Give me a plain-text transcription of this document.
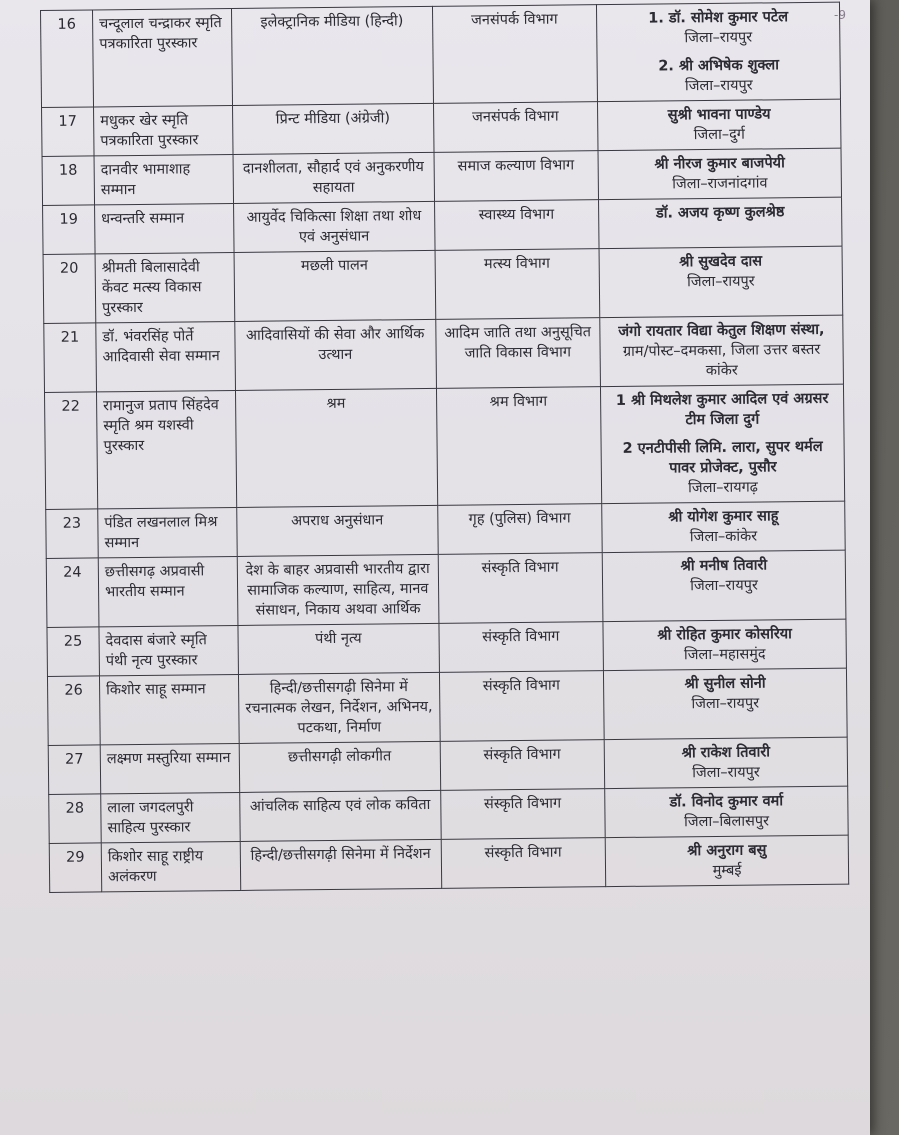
-9
16	चन्दूलाल चन्द्राकर स्मृति पत्रकारिता पुरस्कार	इलेक्ट्रानिक मीडिया (हिन्दी)	जनसंपर्क विभाग	1. डॉ. सोमेश कुमार पटेल
जिला–रायपुर
2. श्री अभिषेक शुक्ला
जिला–रायपुर

17	मधुकर खेर स्मृति पत्रकारिता पुरस्कार	प्रिन्ट मीडिया (अंग्रेजी)	जनसंपर्क विभाग	सुश्री भावना पाण्डेय
जिला–दुर्ग

18	दानवीर भामाशाह सम्मान	दानशीलता, सौहार्द एवं अनुकरणीय सहायता	समाज कल्याण विभाग	श्री नीरज कुमार बाजपेयी
जिला–राजनांदगांव

19	धन्वन्तरि सम्मान	आयुर्वेद चिकित्सा शिक्षा तथा शोध एवं अनुसंधान	स्वास्थ्य विभाग	डॉ. अजय कृष्ण कुलश्रेष्ठ

20	श्रीमती बिलासादेवी केंवट मत्स्य विकास पुरस्कार	मछली पालन	मत्स्य विभाग	श्री सुखदेव दास
जिला–रायपुर

21	डॉ. भंवरसिंह पोर्ते आदिवासी सेवा सम्मान	आदिवासियों की सेवा और आर्थिक उत्थान	आदिम जाति तथा अनुसूचित जाति विकास विभाग	जंगो रायतार विद्या केतुल शिक्षण संस्था,
ग्राम/पोस्ट–दमकसा, जिला उत्तर बस्तर कांकेर

22	रामानुज प्रताप सिंहदेव स्मृति श्रम यशस्वी पुरस्कार	श्रम	श्रम विभाग	1 श्री मिथलेश कुमार आदिल एवं अग्रसर टीम जिला दुर्ग
2 एनटीपीसी लिमि. लारा, सुपर थर्मल पावर प्रोजेक्ट, पुसौर
जिला–रायगढ़

23	पंडित लखनलाल मिश्र सम्मान	अपराध अनुसंधान	गृह (पुलिस) विभाग	श्री योगेश कुमार साहू
जिला–कांकेर

24	छत्तीसगढ़ अप्रवासी भारतीय सम्मान	देश के बाहर अप्रवासी भारतीय द्वारा सामाजिक कल्याण, साहित्य, मानव संसाधन, निकाय अथवा आर्थिक	संस्कृति विभाग	श्री मनीष तिवारी
जिला–रायपुर

25	देवदास बंजारे स्मृति पंथी नृत्य पुरस्कार	पंथी नृत्य	संस्कृति विभाग	श्री रोहित कुमार कोसरिया
जिला–महासमुंद

26	किशोर साहू सम्मान	हिन्दी/छत्तीसगढ़ी सिनेमा में रचनात्मक लेखन, निर्देशन, अभिनय, पटकथा, निर्माण	संस्कृति विभाग	श्री सुनील सोनी
जिला–रायपुर

27	लक्ष्मण मस्तुरिया सम्मान	छत्तीसगढ़ी लोकगीत	संस्कृति विभाग	श्री राकेश तिवारी
जिला–रायपुर

28	लाला जगदलपुरी साहित्य पुरस्कार	आंचलिक साहित्य एवं लोक कविता	संस्कृति विभाग	डॉ. विनोद कुमार वर्मा
जिला–बिलासपुर

29	किशोर साहू राष्ट्रीय अलंकरण	हिन्दी/छत्तीसगढ़ी सिनेमा में निर्देशन	संस्कृति विभाग	श्री अनुराग बसु
मुम्बई
